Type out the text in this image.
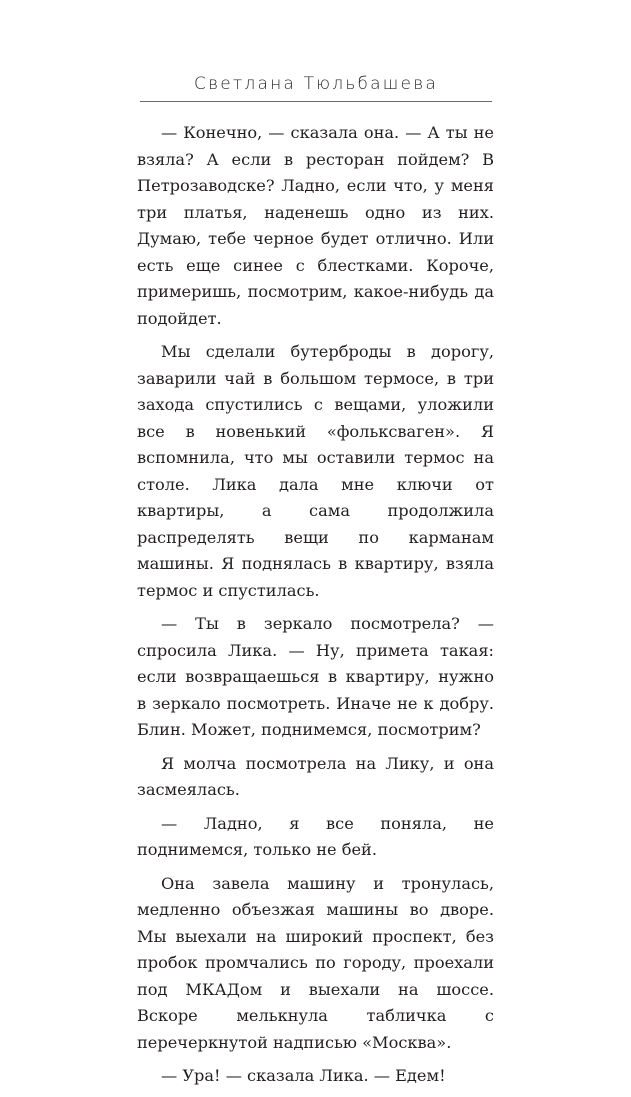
Светлана Тюльбашева

— Конечно, — сказала она. — А ты не взяла? А если в ресторан пойдем? В Петрозаводске? Ладно, если что, у меня три платья, наденешь одно из них. Думаю, тебе черное будет отлично. Или есть еще синее с блестками. Короче, примеришь, посмотрим, какое-нибудь да подойдет.

Мы сделали бутерброды в дорогу, заварили чай в большом термосе, в три захода спустились с вещами, уложили все в новенький «фольксваген». Я вспомнила, что мы оставили термос на столе. Лика дала мне ключи от квартиры, а сама продолжила распределять вещи по карманам машины. Я поднялась в квартиру, взяла термос и спустилась.

— Ты в зеркало посмотрела? — спросила Лика. — Ну, примета такая: если возвращаешься в квартиру, нужно в зеркало посмотреть. Иначе не к добру. Блин. Может, поднимемся, посмотрим?

Я молча посмотрела на Лику, и она засмеялась.

— Ладно, я все поняла, не поднимемся, только не бей.

Она завела машину и тронулась, медленно объезжая машины во дворе. Мы выехали на широкий проспект, без пробок промчались по городу, проехали под МКАДом и выехали на шоссе. Вскоре мелькнула табличка с перечеркнутой надписью «Москва».

— Ура! — сказала Лика. — Едем!
